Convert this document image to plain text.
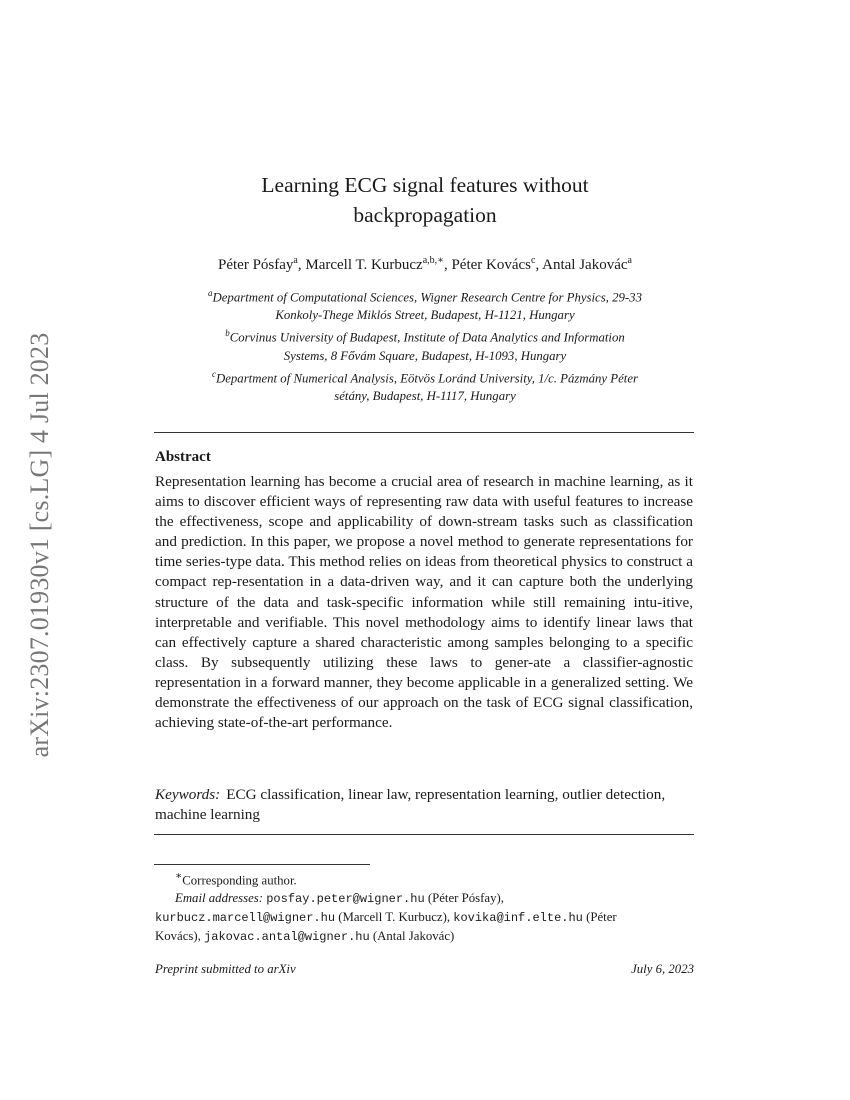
arXiv:2307.01930v1 [cs.LG] 4 Jul 2023
Learning ECG signal features without
backpropagation
Péter Pósfay$^a$, Marcell T. Kurbucz$^{a,b,∗}$, Péter Kovács$^c$, Antal Jakovác$^a$
$^a$Department of Computational Sciences, Wigner Research Centre for Physics, 29-33
Konkoly-Thege Miklós Street, Budapest, H-1121, Hungary
$^b$Corvinus University of Budapest, Institute of Data Analytics and Information
Systems, 8 Fővám Square, Budapest, H-1093, Hungary
$^c$Department of Numerical Analysis, Eötvös Loránd University, 1/c. Pázmány Péter
sétány, Budapest, H-1117, Hungary
Abstract
Representation learning has become a crucial area of research in machine learning, as it aims to discover efficient ways of representing raw data with useful features to increase the effectiveness, scope and applicability of down-stream tasks such as classification and prediction. In this paper, we propose a novel method to generate representations for time series-type data. This method relies on ideas from theoretical physics to construct a compact rep-resentation in a data-driven way, and it can capture both the underlying structure of the data and task-specific information while still remaining intu-itive, interpretable and verifiable. This novel methodology aims to identify linear laws that can effectively capture a shared characteristic among samples belonging to a specific class. By subsequently utilizing these laws to gener-ate a classifier-agnostic representation in a forward manner, they become applicable in a generalized setting. We demonstrate the effectiveness of our approach on the task of ECG signal classification, achieving state-of-the-art performance.
Keywords: ECG classification, linear law, representation learning, outlier detection, machine learning
∗Corresponding author.
Email addresses: posfay.peter@wigner.hu (Péter Pósfay),
kurbucz.marcell@wigner.hu (Marcell T. Kurbucz), kovika@inf.elte.hu (Péter
Kovács), jakovac.antal@wigner.hu (Antal Jakovác)
Preprint submitted to arXiv	July 6, 2023
